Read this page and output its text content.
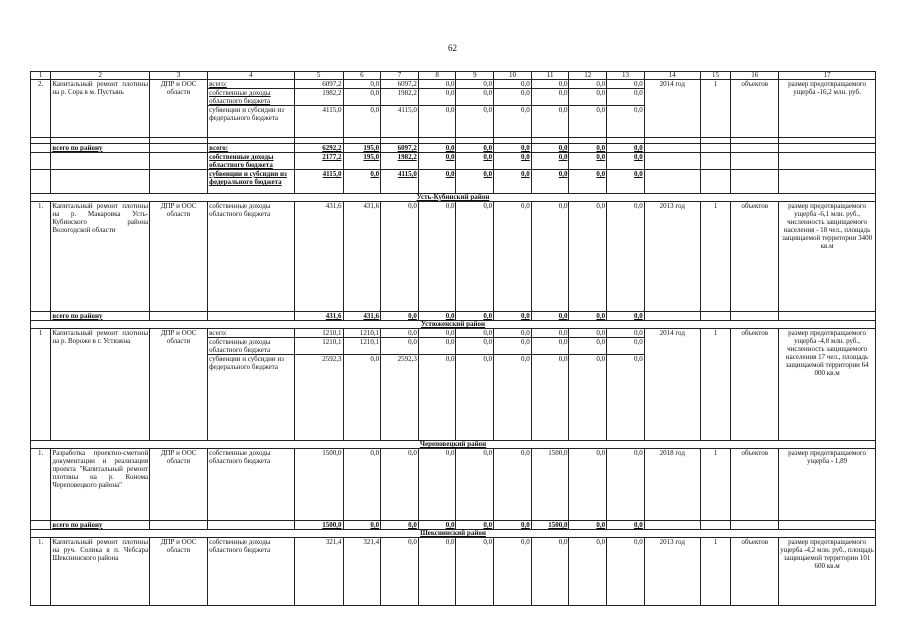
62
1	2	3	4	5	6	7	8	9	10	11	12	13	14	15	16	17
2.	Капитальный ремонт плотины на р. Сора в м. Пустынь	ДПР и ООС области	всего:	6097,2	0,0	6097,2	0,0	0,0	0,0	0,0	0,0	0,0	2014 год	1	объектов	размер предотвращаемого ущерба -16,2 млн. руб.
			собственные доходы областного бюджета	1982,2	0,0	1982,2	0,0	0,0	0,0	0,0	0,0	0,0				
			субвенции и субсидии из федерального бюджета	4115,0	0,0	4115,0	0,0	0,0	0,0	0,0	0,0	0,0				

	всего по району		всего:	6292,2	195,0	6097,2	0,0	0,0	0,0	0,0	0,0	0,0				
			собственные доходы областного бюджета	2177,2	195,0	1982,2	0,0	0,0	0,0	0,0	0,0	0,0				
			субвенции и субсидии из федерального бюджета	4115,0	0,0	4115,0	0,0	0,0	0,0	0,0	0,0	0,0				
Усть-Кубинский район																
1.	Капитальный ремонт плотины на р. Макаровка Усть-Кубинского района Вологодской области	ДПР и ООС области	собственные доходы областного бюджета	431,6	431,6	0,0	0,0	0,0	0,0	0,0	0,0	0,0	2013 год	1	объектов	размер предотвращаемого ущерба -6,1 млн. руб., численность защищаемого населения - 18 чел., площадь защищаемой территории 3400 кв.м
	всего по району			431,6	431,6	0,0	0,0	0,0	0,0	0,0	0,0	0,0				
Устюженский район																
1	Капитальный ремонт плотины на р. Вороже в г. Устюжна	ДПР и ООС области	всего:	1210,1	1210,1	0,0	0,0	0,0	0,0	0,0	0,0	0,0	2014 год	1	объектов	размер предотвращаемого ущерба -4,8 млн. руб., численность защищаемого населения 17 чел., площадь защищаемой территории 64 000 кв.м
			собственные доходы областного бюджета	1210,1	1210,1	0,0	0,0	0,0	0,0	0,0	0,0	0,0				
			субвенции и субсидии из федерального бюджета	2592,3	0,0	2592,3	0,0	0,0	0,0	0,0	0,0	0,0				
Череповецкий район																
1.	Разработка проектно-сметной документации и реализация проекта "Капитальный ремонт плотины на р. Конома Череповецкого района"	ДПР и ООС области	собственные доходы областного бюджета	1500,0	0,0	0,0	0,0	0,0	0,0	1500,0	0,0	0,0	2018 год	1	объектов	размер предотвращаемого ущерба - 1,89
	всего по району			1500,0	0,0	0,0	0,0	0,0	0,0	1500,0	0,0	0,0				
Шекснинский район																
1.	Капитальный ремонт плотины на руч. Солика в п. Чебсара Шекснинского района	ДПР и ООС области	собственные доходы областного бюджета	321,4	321,4	0,0	0,0	0,0	0,0	0,0	0,0	0,0	2013 год	1	объектов	размер предотвращаемого ущерба -4,2 млн. руб., площадь защищаемой территории 101 600 кв.м
